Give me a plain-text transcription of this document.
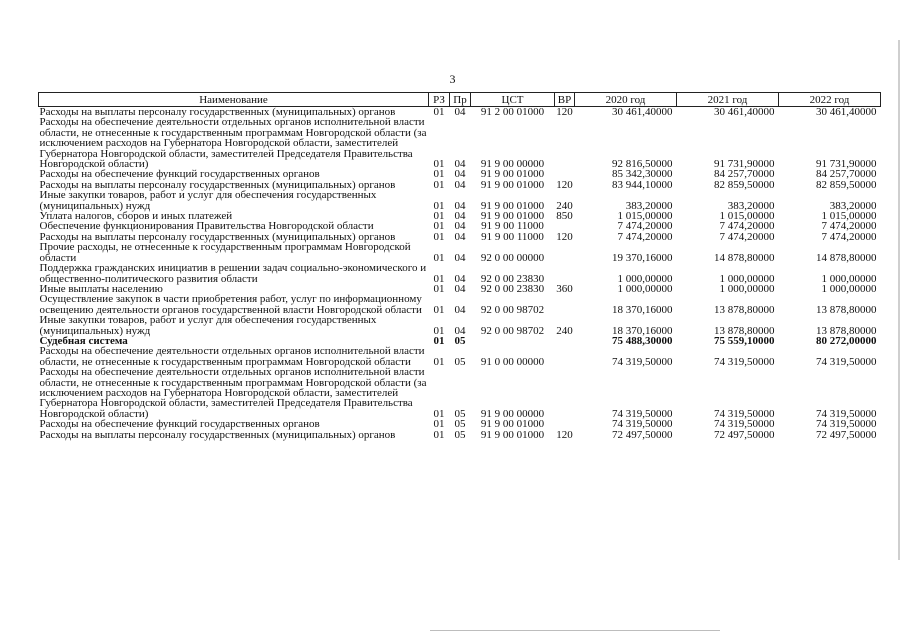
3
Наименование	РЗ	Пр	ЦСТ	ВР	2020 год	2021 год	2022 год
Расходы на выплаты персоналу государственных (муниципальных) органов	01	04	91 2 00 01000	120	30 461,40000	30 461,40000	30 461,40000
Расходы на обеспечение деятельности отдельных органов исполнительной власти области, не отнесенные к государственным программам Новгородской области (за исключением расходов на Губернатора Новгородской области, заместителей Губернатора Новгородской области, заместителей Председателя Правительства Новгородской области)	01	04	91 9 00 00000		92 816,50000	91 731,90000	91 731,90000
Расходы на обеспечение функций государственных органов	01	04	91 9 00 01000		85 342,30000	84 257,70000	84 257,70000
Расходы на выплаты персоналу государственных (муниципальных) органов	01	04	91 9 00 01000	120	83 944,10000	82 859,50000	82 859,50000
Иные закупки товаров, работ и услуг для обеспечения государственных (муниципальных) нужд	01	04	91 9 00 01000	240	383,20000	383,20000	383,20000
Уплата налогов, сборов и иных платежей	01	04	91 9 00 01000	850	1 015,00000	1 015,00000	1 015,00000
Обеспечение функционирования Правительства Новгородской области	01	04	91 9 00 11000		7 474,20000	7 474,20000	7 474,20000
Расходы на выплаты персоналу государственных (муниципальных) органов	01	04	91 9 00 11000	120	7 474,20000	7 474,20000	7 474,20000
Прочие расходы, не отнесенные к государственным программам Новгородской области	01	04	92 0 00 00000		19 370,16000	14 878,80000	14 878,80000
Поддержка гражданских инициатив в решении задач социально-экономического и общественно-политического развития области	01	04	92 0 00 23830		1 000,00000	1 000,00000	1 000,00000
Иные выплаты населению	01	04	92 0 00 23830	360	1 000,00000	1 000,00000	1 000,00000
Осуществление закупок в части приобретения работ, услуг по информационному освещению деятельности органов государственной власти Новгородской области	01	04	92 0 00 98702		18 370,16000	13 878,80000	13 878,80000
Иные закупки товаров, работ и услуг для обеспечения государственных (муниципальных) нужд	01	04	92 0 00 98702	240	18 370,16000	13 878,80000	13 878,80000
Судебная система	01	05			75 488,30000	75 559,10000	80 272,00000
Расходы на обеспечение деятельности отдельных органов исполнительной власти области, не отнесенные к государственным программам Новгородской области	01	05	91 0 00 00000		74 319,50000	74 319,50000	74 319,50000
Расходы на обеспечение деятельности отдельных органов исполнительной власти области, не отнесенные к государственным программам Новгородской области (за исключением расходов на Губернатора Новгородской области, заместителей Губернатора Новгородской области, заместителей Председателя Правительства Новгородской области)	01	05	91 9 00 00000		74 319,50000	74 319,50000	74 319,50000
Расходы на обеспечение функций государственных органов	01	05	91 9 00 01000		74 319,50000	74 319,50000	74 319,50000
Расходы на выплаты персоналу государственных (муниципальных) органов	01	05	91 9 00 01000	120	72 497,50000	72 497,50000	72 497,50000
